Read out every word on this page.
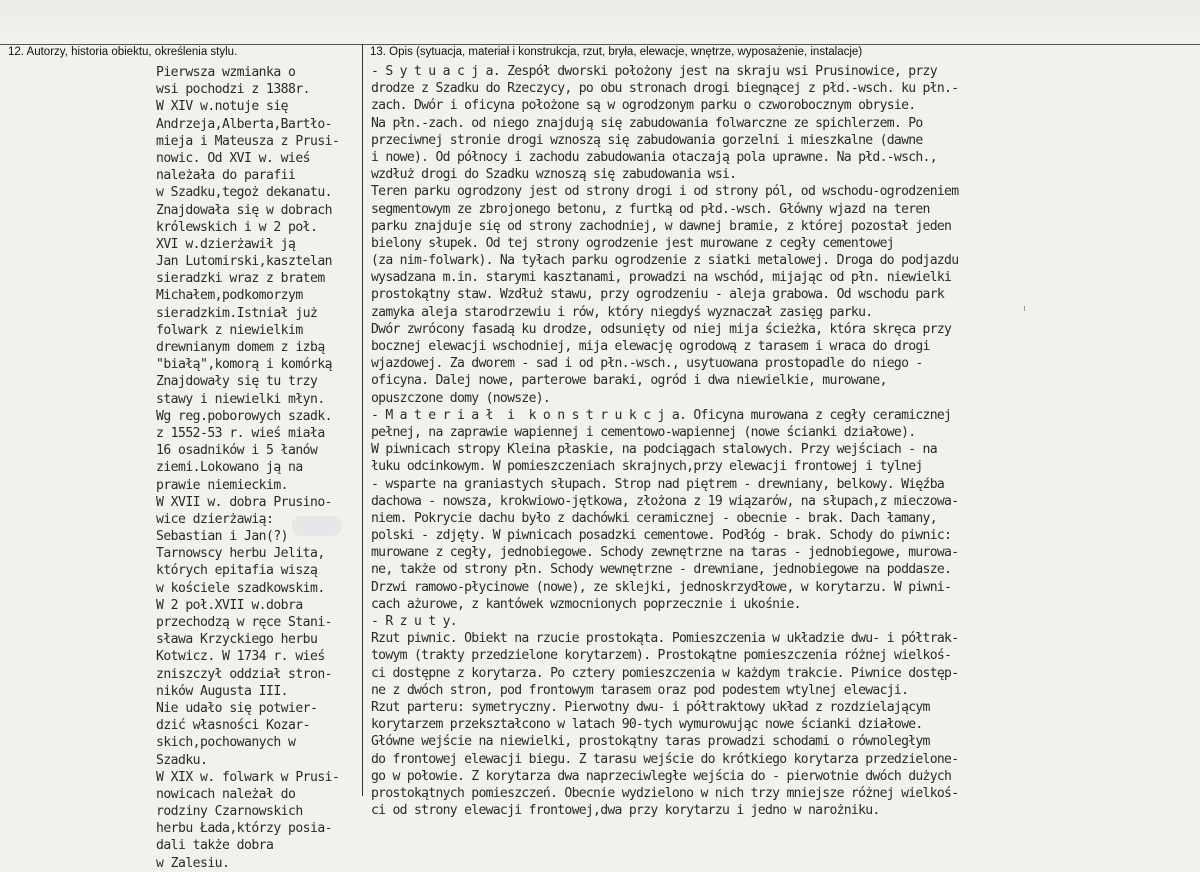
12. Autorzy, historia obiektu, określenia stylu.	13. Opis (sytuacja, materiał i konstrukcja, rzut, bryła, elewacje, wnętrze, wyposażenie, instalacje)
Pierwsza wzmianka o
wsi pochodzi z 1388r.
W XIV w.notuje się
Andrzeja,Alberta,Bartło-
mieja i Mateusza z Prusi-
nowic. Od XVI w. wieś
należała do parafii
w Szadku,tegoż dekanatu.
Znajdowała się w dobrach
królewskich i w 2 poł.
XVI w.dzierżawił ją
Jan Lutomirski,kasztelan
sieradzki wraz z bratem
Michałem,podkomorzym
sieradzkim.Istniał już
folwark z niewielkim
drewnianym domem z izbą
"białą",komorą i komórką
Znajdowały się tu trzy
stawy i niewielki młyn.
Wg reg.poborowych szadk.
z 1552-53 r. wieś miała
16 osadników i 5 łanów
ziemi.Lokowano ją na
prawie niemieckim.
W XVII w. dobra Prusino-
wice dzierżawią:
Sebastian i Jan(?)
Tarnowscy herbu Jelita,
których epitafia wiszą
w kościele szadkowskim.
W 2 poł.XVII w.dobra
przechodzą w ręce Stani-
sława Krzyckiego herbu
Kotwicz. W 1734 r. wieś
zniszczył oddział stron-
ników Augusta III.
Nie udało się potwier-
dzić własności Kozar-
skich,pochowanych w
Szadku.
W XIX w. folwark w Prusi-
nowicach należał do
rodziny Czarnowskich
herbu Łada,którzy posia-
dali także dobra
w Zalesiu.
- S y t u a c j a. Zespół dworski położony jest na skraju wsi Prusinowice, przy
drodze z Szadku do Rzeczycy, po obu stronach drogi biegnącej z płd.-wsch. ku płn.-
zach. Dwór i oficyna położone są w ogrodzonym parku o czworobocznym obrysie.
Na płn.-zach. od niego znajdują się zabudowania folwarczne ze spichlerzem. Po
przeciwnej stronie drogi wznoszą się zabudowania gorzelni i mieszkalne (dawne
i nowe). Od północy i zachodu zabudowania otaczają pola uprawne. Na płd.-wsch.,
wzdłuż drogi do Szadku wznoszą się zabudowania wsi.
Teren parku ogrodzony jest od strony drogi i od strony pól, od wschodu-ogrodzeniem
segmentowym ze zbrojonego betonu, z furtką od płd.-wsch. Główny wjazd na teren
parku znajduje się od strony zachodniej, w dawnej bramie, z której pozostał jeden
bielony słupek. Od tej strony ogrodzenie jest murowane z cegły cementowej
(za nim-folwark). Na tyłach parku ogrodzenie z siatki metalowej. Droga do podjazdu
wysadzana m.in. starymi kasztanami, prowadzi na wschód, mijając od płn. niewielki
prostokątny staw. Wzdłuż stawu, przy ogrodzeniu - aleja grabowa. Od wschodu park
zamyka aleja starodrzewiu i rów, który niegdyś wyznaczał zasięg parku.
Dwór zwrócony fasadą ku drodze, odsunięty od niej mija ścieżka, która skręca przy
bocznej elewacji wschodniej, mija elewację ogrodową z tarasem i wraca do drogi
wjazdowej. Za dworem - sad i od płn.-wsch., usytuowana prostopadle do niego -
oficyna. Dalej nowe, parterowe baraki, ogród i dwa niewielkie, murowane,
opuszczone domy (nowsze).
- M a t e r i a ł  i  k o n s t r u k c j a. Oficyna murowana z cegły ceramicznej
pełnej, na zaprawie wapiennej i cementowo-wapiennej (nowe ścianki działowe).
W piwnicach stropy Kleina płaskie, na podciągach stalowych. Przy wejściach - na
łuku odcinkowym. W pomieszczeniach skrajnych,przy elewacji frontowej i tylnej
- wsparte na graniastych słupach. Strop nad piętrem - drewniany, belkowy. Więźba
dachowa - nowsza, krokwiowo-jętkowa, złożona z 19 wiązarów, na słupach,z mieczowa-
niem. Pokrycie dachu było z dachówki ceramicznej - obecnie - brak. Dach łamany,
polski - zdjęty. W piwnicach posadzki cementowe. Podłóg - brak. Schody do piwnic:
murowane z cegły, jednobiegowe. Schody zewnętrzne na taras - jednobiegowe, murowa-
ne, także od strony płn. Schody wewnętrzne - drewniane, jednobiegowe na poddasze.
Drzwi ramowo-płycinowe (nowe), ze sklejki, jednoskrzydłowe, w korytarzu. W piwni-
cach ażurowe, z kantówek wzmocnionych poprzecznie i ukośnie.
- R z u t y.
Rzut piwnic. Obiekt na rzucie prostokąta. Pomieszczenia w układzie dwu- i półtrak-
towym (trakty przedzielone korytarzem). Prostokątne pomieszczenia różnej wielkoś-
ci dostępne z korytarza. Po cztery pomieszczenia w każdym trakcie. Piwnice dostęp-
ne z dwóch stron, pod frontowym tarasem oraz pod podestem wtylnej elewacji.
Rzut parteru: symetryczny. Pierwotny dwu- i półtraktowy układ z rozdzielającym
korytarzem przekształcono w latach 90-tych wymurowując nowe ścianki działowe.
Główne wejście na niewielki, prostokątny taras prowadzi schodami o równoległym
do frontowej elewacji biegu. Z tarasu wejście do krótkiego korytarza przedzielone-
go w połowie. Z korytarza dwa naprzeciwległe wejścia do - pierwotnie dwóch dużych
prostokątnych pomieszczeń. Obecnie wydzielono w nich trzy mniejsze różnej wielkoś-
ci od strony elewacji frontowej,dwa przy korytarzu i jedno w narożniku.
